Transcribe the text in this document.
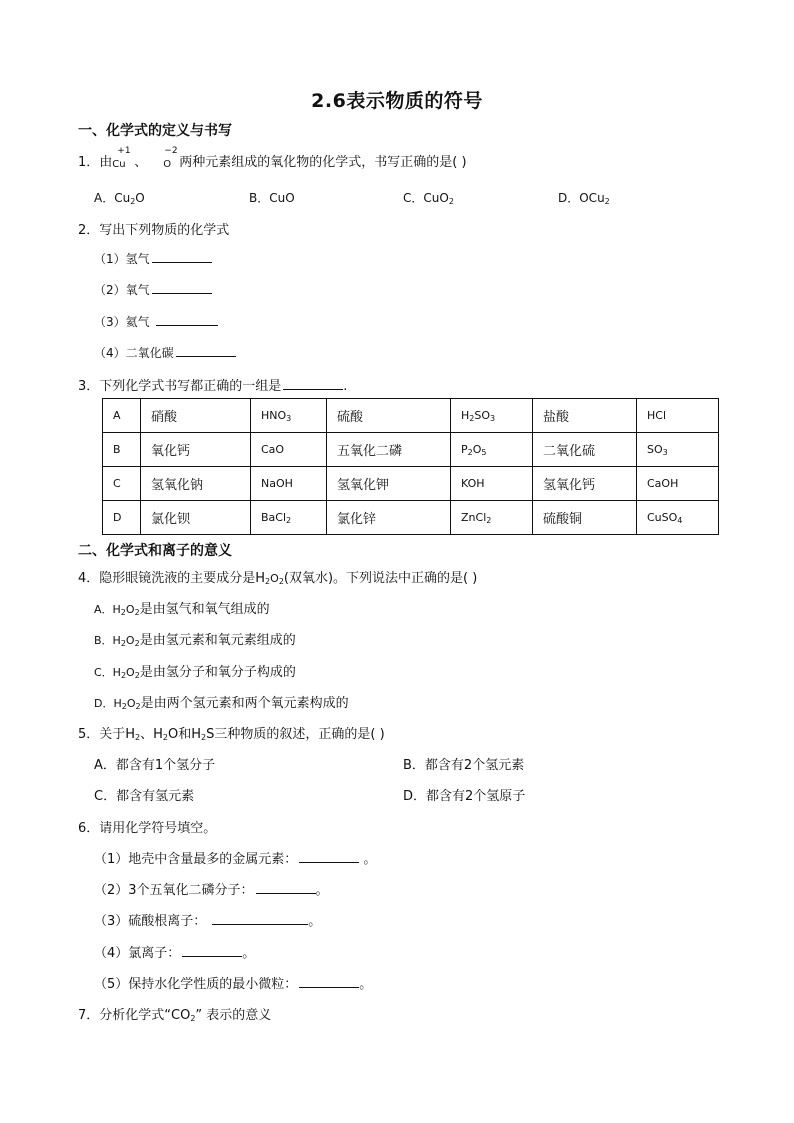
2.6表示物质的符号
一、化学式的定义与书写
1．由
+1
Cu 、
−2
O 两种元素组成的氧化物的化学式，书写正确的是( )
A．$Cu_2O$	B．CuO	C．CuO$_2$	D．OCu$_2$
2．写出下列物质的化学式
（1）氢气
（2）氧气
（3）氦气
（4）二氧化碳
3．下列化学式书写都正确的一组是	.
A	硝酸	$HNO_3$	硫酸	$H_2SO_3$	盐酸	HCl
B	氧化钙	CaO	五氧化二磷	$P_2O_5$	二氧化硫	$SO_3$
C	氢氧化钠	NaOH	氢氧化钾	KOH	氢氧化钙	CaOH
D	氯化钡	BaCl$_2$	氯化锌	ZnCl$_2$	硫酸铜	CuSO$_4$
二、化学式和离子的意义
4．隐形眼镜洗液的主要成分是$H_2O_2$(双氧水)。下列说法中正确的是( )
A．$H_2O_2$是由氢气和氧气组成的
B．$H_2O_2$是由氢元素和氧元素组成的
C．$H_2O_2$是由氢分子和氧分子构成的
D．$H_2O_2$是由两个氢元素和两个氧元素构成的
5．关于$H_2$、$H_2O$和$H_2S$三种物质的叙述，正确的是( )
A．都含有1个氢分子	B．都含有2个氢元素
C．都含有氢元素	D．都含有2个氢原子
6．请用化学符号填空。
（1）地壳中含量最多的金属元素：	。
（2）3个五氧化二磷分子：	。
（3）硫酸根离子：	。
（4）氯离子：	。
（5）保持水化学性质的最小微粒：	。
7．分析化学式“$CO_2$” 表示的意义
